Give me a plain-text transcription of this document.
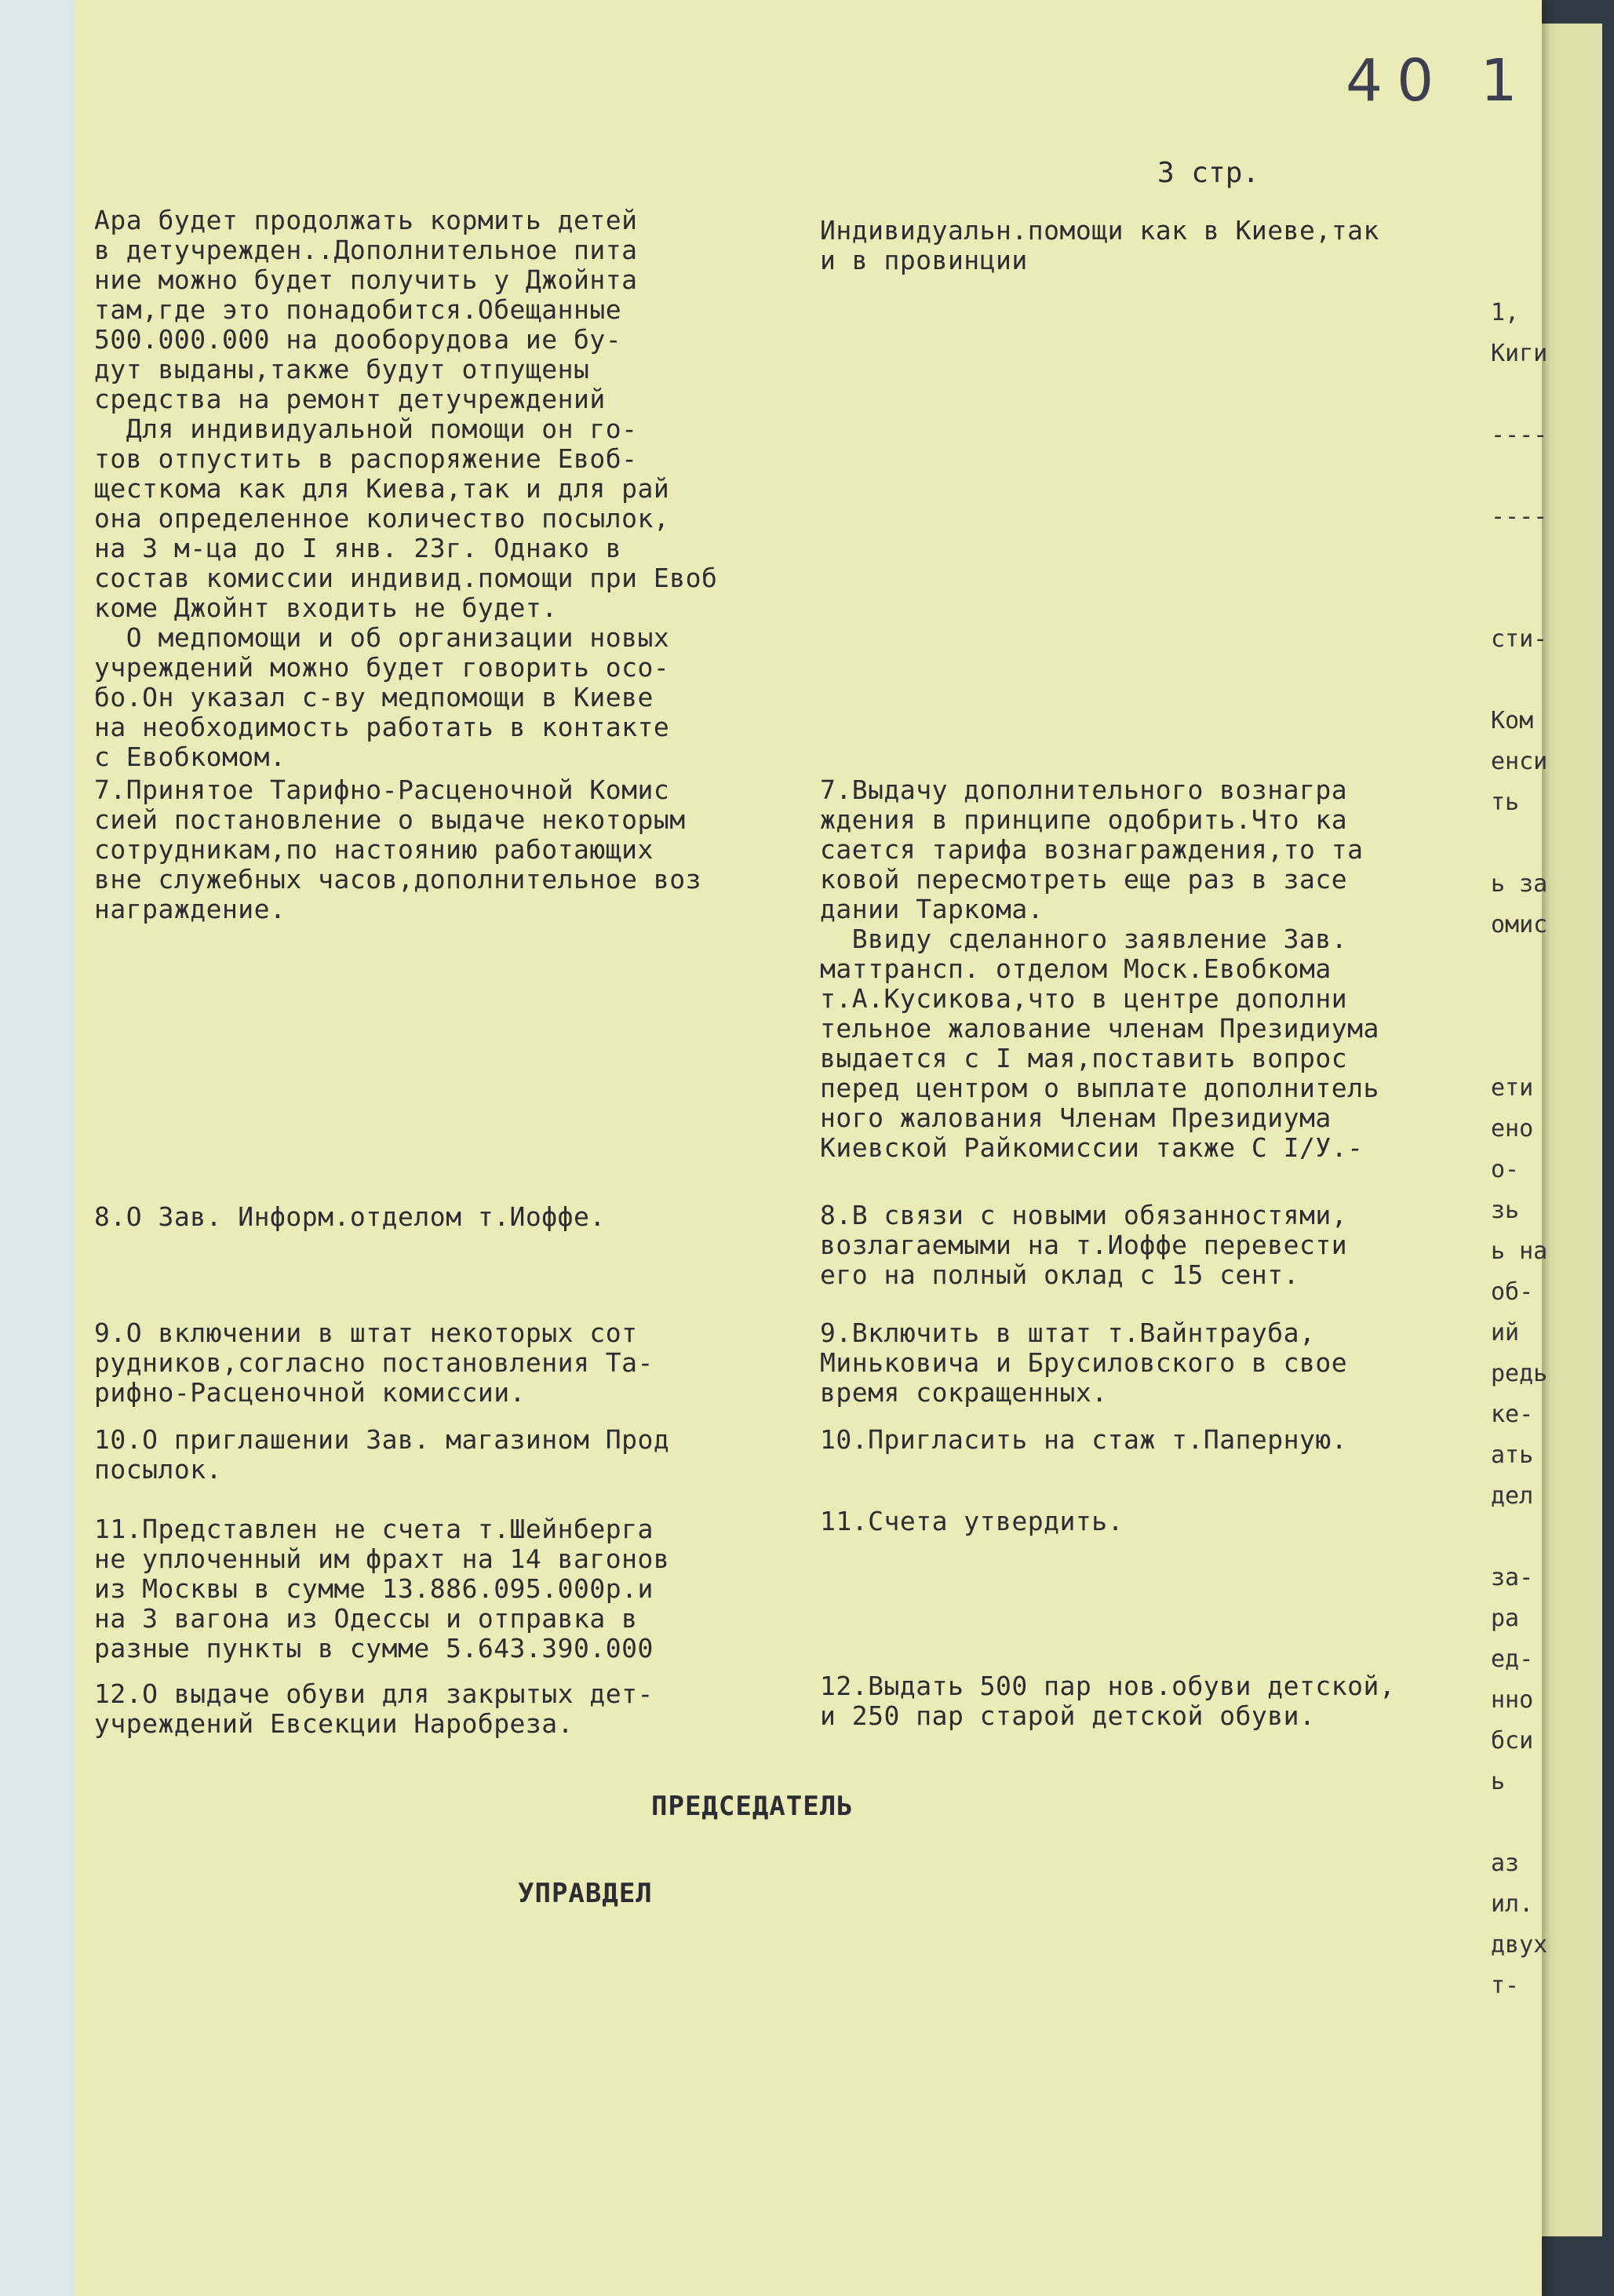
40 1
3 стр.
Ара будет продолжать кормить детей
в детучрежден..Дополнительное пита
ние можно будет получить у Джойнта
там,где это понадобится.Обещанные
500.000.000 на дооборудова ие бу-
дут выданы,также будут отпущены
средства на ремонт детучреждений
Для индивидуальной помощи он го-
тов отпустить в распоряжение Евоб-
щесткома как для Киева,так и для рай
она определенное количество посылок,
на 3 м-ца до I янв. 23г. Однако в
состав комиссии индивид.помощи при Евоб
коме Джойнт входить не будет.
О медпомощи и об организации новых
учреждений можно будет говорить осо-
бо.Он указал с-ву медпомощи в Киеве
на необходимость работать в контакте
с Евобкомом.
7.Принятое Тарифно-Расценочной Комис
сией постановление о выдаче некоторым
сотрудникам,по настоянию работающих
вне служебных часов,дополнительное воз
награждение.
8.О Зав. Информ.отделом т.Иоффе.
9.О включении в штат некоторых сот
рудников,согласно постановления Та-
рифно-Расценочной комиссии.
10.О приглашении Зав. магазином Прод
посылок.
11.Представлен не счета т.Шейнберга
не уплоченный им фрахт на 14 вагонов
из Москвы в сумме 13.886.095.000р.и
на 3 вагона из Одессы и отправка в
разные пункты в сумме 5.643.390.000
12.О выдаче обуви для закрытых дет-
учреждений Евсекции Наробреза.
Индивидуальн.помощи как в Киеве,так
и в провинции
7.Выдачу дополнительного вознагра
ждения в принципе одобрить.Что ка
сается тарифа вознаграждения,то та
ковой пересмотреть еще раз в засе
дании Таркома.
Ввиду сделанного заявление Зав.
маттрансп. отделом Моск.Евобкома
т.А.Кусикова,что в центре дополни
тельное жалование членам Президиума
выдается с I мая,поставить вопрос
перед центром о выплате дополнитель
ного жалования Членам Президиума
Киевской Райкомиссии также С I/У.-
8.В связи с новыми обязанностями,
возлагаемыми на т.Иоффе перевести
его на полный оклад с 15 сент.
9.Включить в штат т.Вайнтрауба,
Миньковича и Брусиловского в свое
время сокращенных.
10.Пригласить на стаж т.Паперную.
11.Счета утвердить.
12.Выдать 500 пар нов.обуви детской,
и 250 пар старой детской обуви.
ПРЕДСЕДАТЕЛЬ
УПРАВДЕЛ
1,
Киги
----
----
сти-
Ком
енси
ть
ь за
омис
ети
ено
о-
зь
ь на
об-
ий
редь
ке-
ать
дел
за-
ра
ед-
нно
бси
ь
аз
ил.
двух
т-
